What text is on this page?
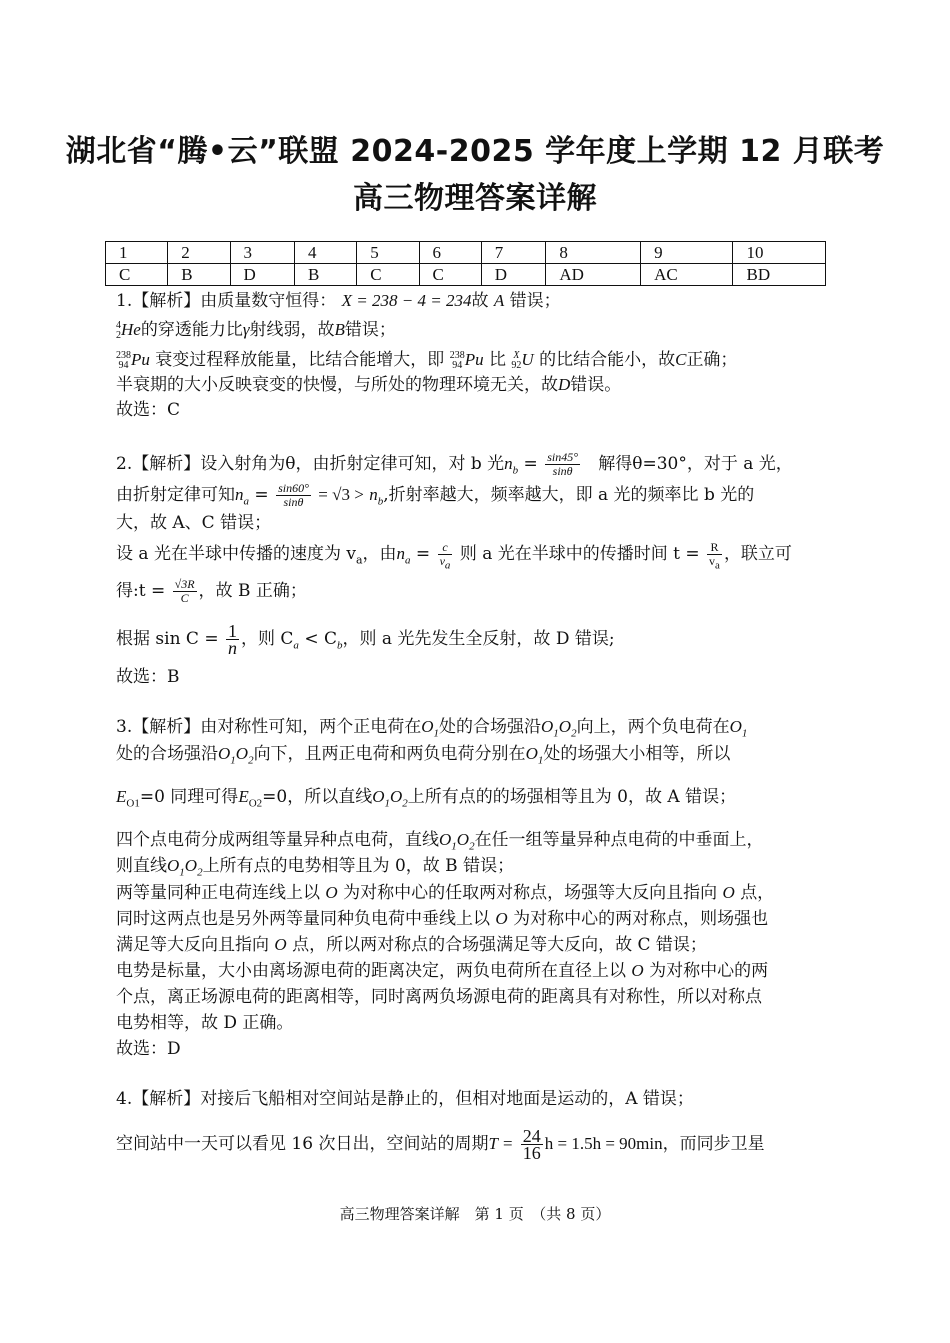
湖北省“腾•云”联盟 2024-2025 学年度上学期 12 月联考
高三物理答案详解
1	2	3	4	5	6	7	8	9	10
C	B	D	B	C	C	D	AD	AC	BD
1.【解析】由质量数守恒得： X = 238 − 4 = 234故 A 错误；
4
2He的穿透能力比γ射线弱，故B错误；
238
94 Pu 衰变过程释放能量，比结合能增大，即 238
94 Pu 比 X
92U 的比结合能小，故C正确；
半衰期的大小反映衰变的快慢，与所处的物理环境无关，故D错误。
故选：C
2.【解析】设入射角为θ，由折射定律可知，对 b 光$n_b = \frac{\sin 45^\circ}{\sin\theta}$ 解得θ=30°，对于 a 光，
由折射定律可知$n_a = \frac{\sin 60^\circ}{\sin\theta} = √3 > n_b$,折射率越大，频率越大，即 a 光的频率比 b 光的
大，故 A、C 错误；
设 a 光在半球中传播的速度为 $v_a$，由$n_a = \frac{c}{v_a}$ 则 a 光在半球中的传播时间 $t = \frac{R}{v_a}$ ，联立可
得:t = $\frac{√3R}{C}$ ，故 B 正确；
根据 $\sin C = \frac{1}{n}$ ，则 $C_a < C_b$，则 a 光先发生全反射，故 D 错误;
故选：B
3.【解析】由对称性可知，两个正电荷在$O_1$处的合场强沿$O_1O_2$向上，两个负电荷在$O_1$
处的合场强沿$O_1O_2$向下，且两正电荷和两负电荷分别在$O_1$处的场强大小相等，所以
$E_{O1}=0$ 同理可得$E_{O2}=0$，所以直线$O_1O_2$上所有点的的场强相等且为 0，故 A 错误；
四个点电荷分成两组等量异种点电荷，直线$O_1O_2$在任一组等量异种点电荷的中垂面上，
则直线$O_1O_2$上所有点的电势相等且为 0，故 B 错误；
两等量同种正电荷连线上以 O 为对称中心的任取两对称点，场强等大反向且指向 O 点，
同时这两点也是另外两等量同种负电荷中垂线上以 O 为对称中心的两对称点，则场强也
满足等大反向且指向 O 点，所以两对称点的合场强满足等大反向，故 C 错误；
电势是标量，大小由离场源电荷的距离决定，两负电荷所在直径上以 O 为对称中心的两
个点，离正场源电荷的距离相等，同时离两负场源电荷的距离具有对称性，所以对称点
电势相等，故 D 正确。
故选：D
4.【解析】对接后飞船相对空间站是静止的，但相对地面是运动的，A 错误；
空间站中一天可以看见 16 次日出，空间站的周期$T = \frac{24}{16}$ h = 1.5h = 90min，而同步卫星
高三物理答案详解　第 1 页　（共 8 页）
